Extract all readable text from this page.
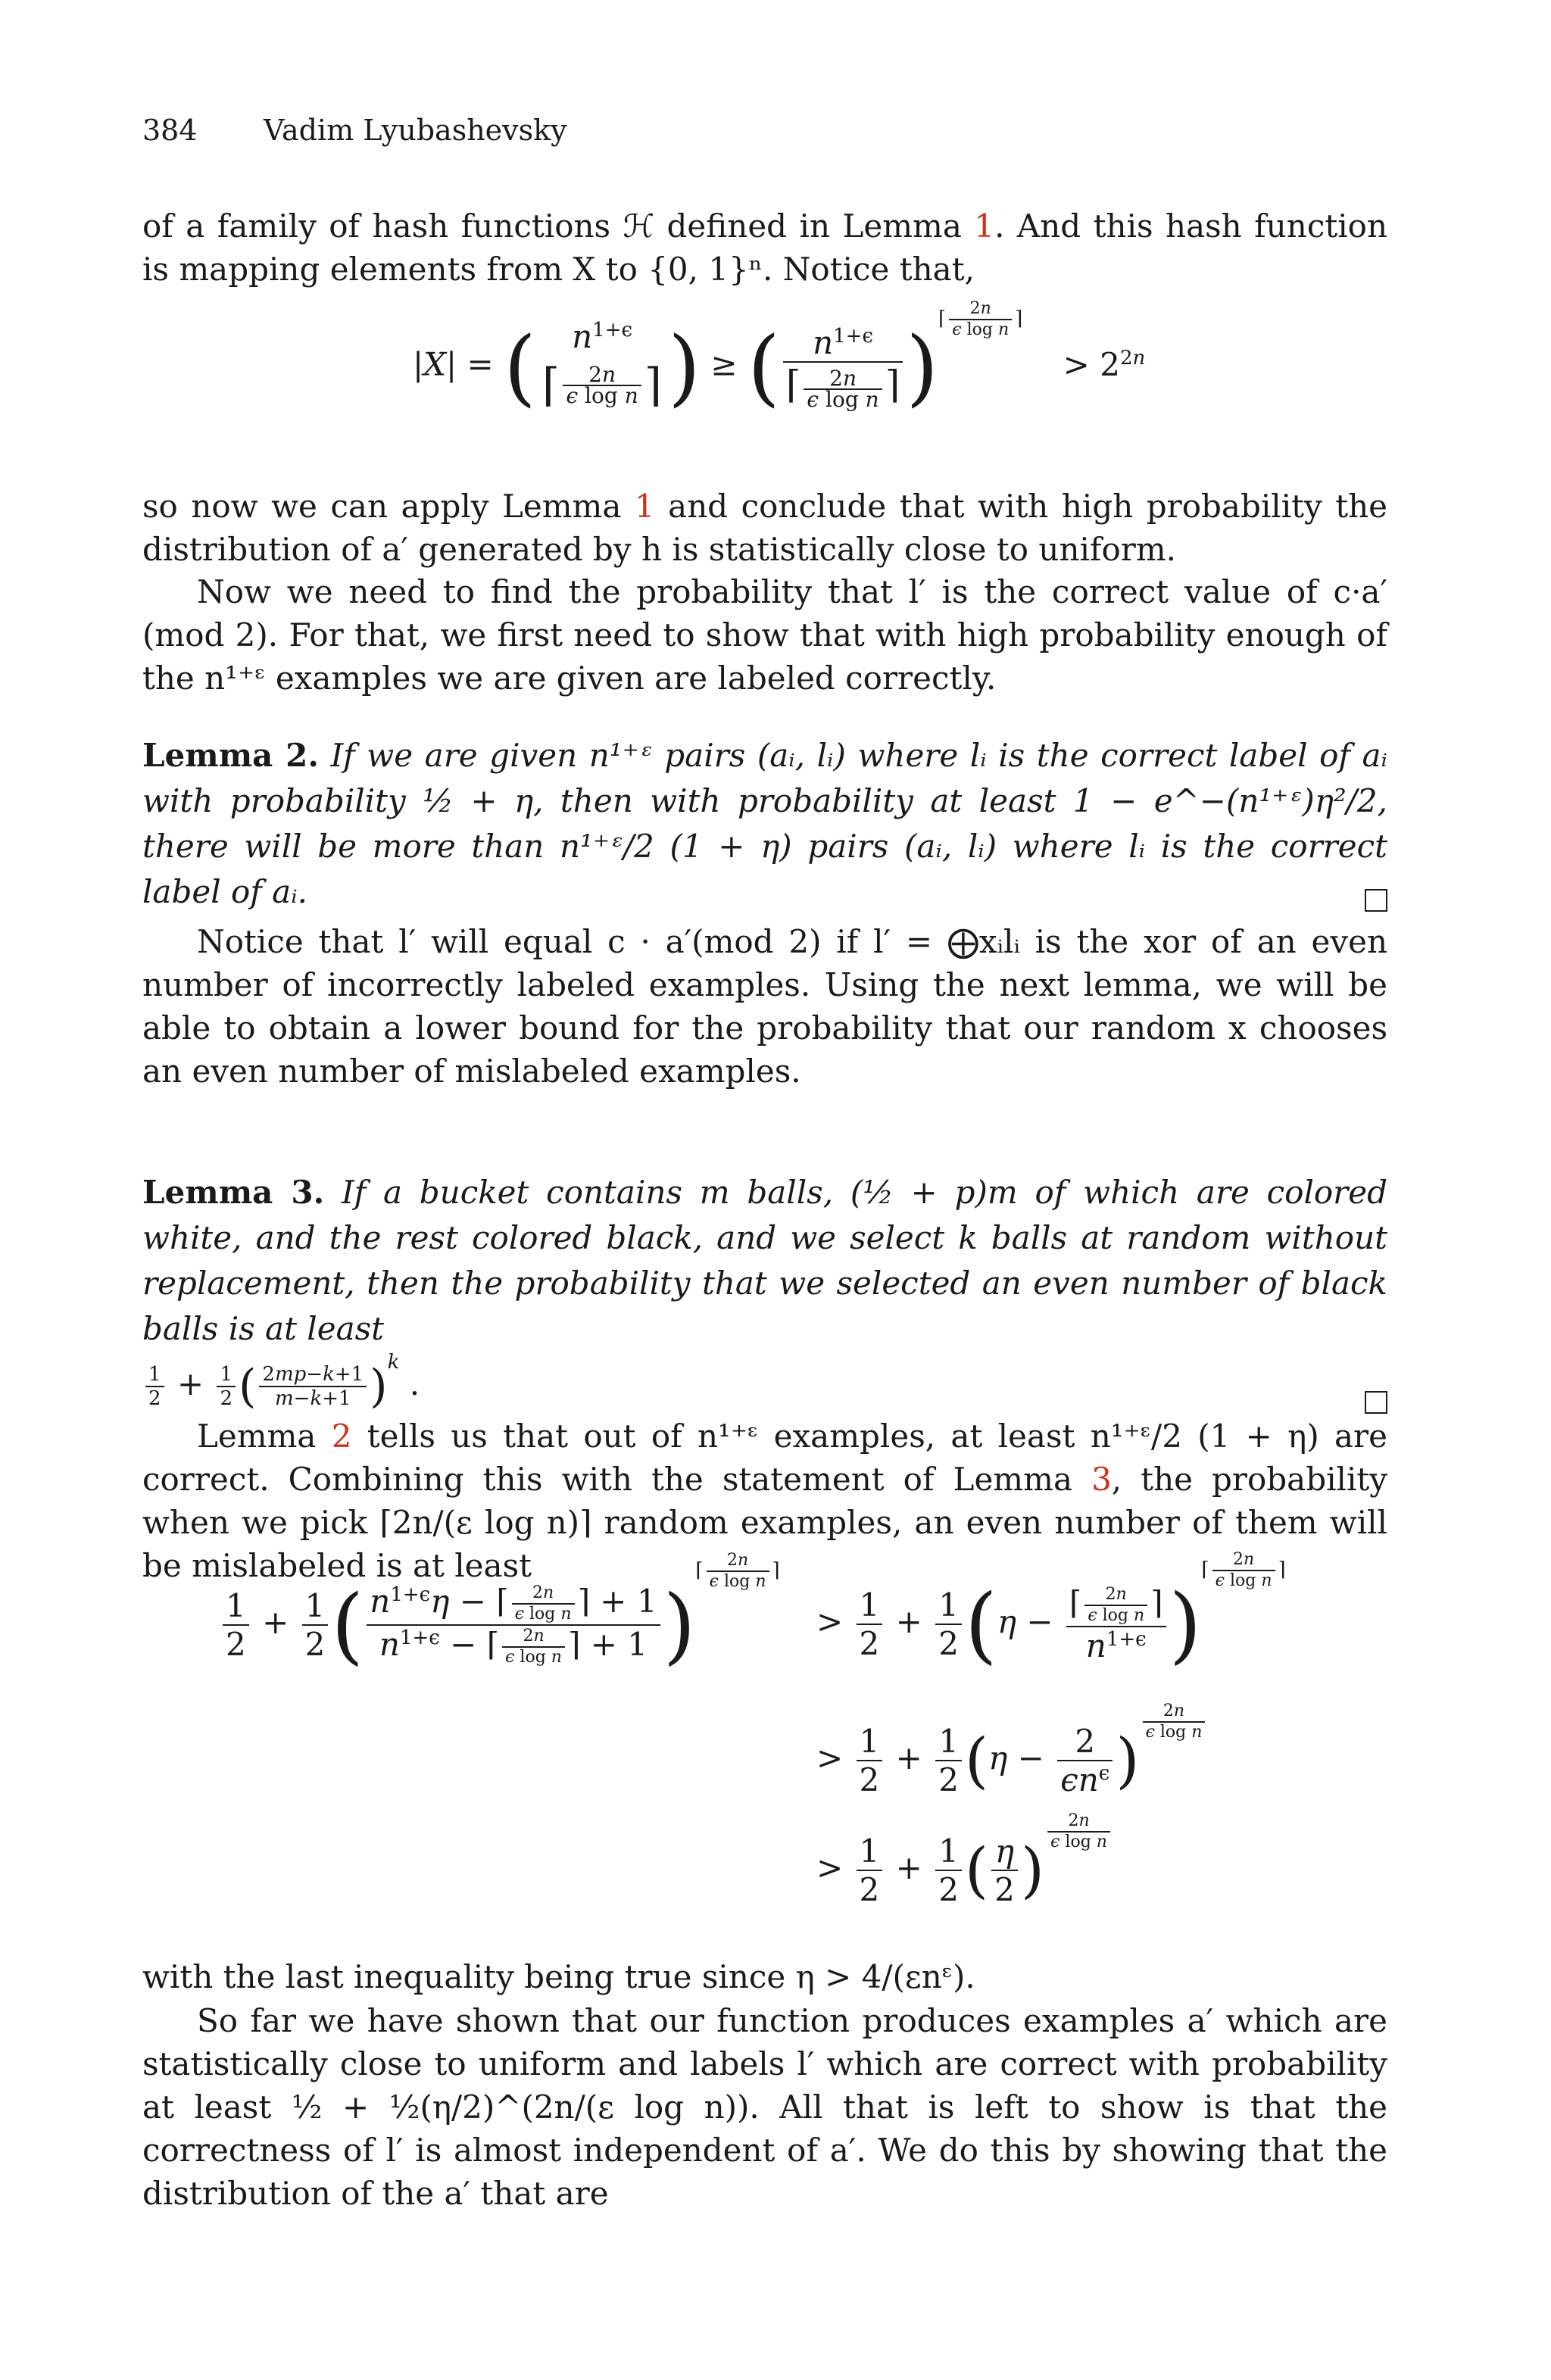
384 Vadim Lyubashevsky
of a family of hash functions ℋ defined in Lemma 1. And this hash function is mapping elements from X to {0, 1}ⁿ. Notice that,
|X| = (	$n^{1+\epsilon}$
⌈ $\frac{2n}{\text{ϵ log n}}$ ⌉ ) ≥ ( $\frac{n^{1+\epsilon}}{⌈ \frac{2n}{\text{ϵ log n}} ⌉} )^{⌈ \frac{2n}{\text{ϵ log n}} ⌉} > 2^{2n}$
so now we can apply Lemma 1 and conclude that with high probability the distribution of a′ generated by h is statistically close to uniform.
Now we need to find the probability that l′ is the correct value of c·a′(mod 2). For that, we first need to show that with high probability enough of the n¹⁺ᵋ examples we are given are labeled correctly.
Lemma 2. If we are given n¹⁺ᵋ pairs (aᵢ, lᵢ) where lᵢ is the correct label of aᵢ with probability ½ + η, then with probability at least 1 − e^−(n¹⁺ᵋ)η²/2, there will be more than n¹⁺ᵋ/2 (1 + η) pairs (aᵢ, lᵢ) where lᵢ is the correct label of aᵢ.
Notice that l′ will equal c · a′(mod 2) if l′ = ⨁xᵢlᵢ is the xor of an even number of incorrectly labeled examples. Using the next lemma, we will be able to obtain a lower bound for the probability that our random x chooses an even number of mislabeled examples.
Lemma 3. If a bucket contains m balls, (½ + p)m of which are colored white, and the rest colored black, and we select k balls at random without replacement, then the probability that we selected an even number of black balls is at least
$\frac{1}{2} + \frac{1}{2}$ ( $\frac{2mp-k+1}{m-k+1} )^k$ .
Lemma 2 tells us that out of n¹⁺ᵋ examples, at least n¹⁺ᵋ/2 (1 + η) are correct. Combining this with the statement of Lemma 3, the probability when we pick ⌈2n/(ε log n)⌉ random examples, an even number of them will be mislabeled is at least
$\frac{1}{2} + \frac{1}{2}$ ( $\frac{n^{1+\epsilon}\eta - ⌈ \frac{2n}{\text{ϵ log n}} ⌉ + 1}{n^{1+\epsilon} - ⌈ \frac{2n}{\text{ϵ log n}} ⌉ + 1} )^{⌈ \frac{2n}{\text{ϵ log n}} ⌉}$
> $\frac{1}{2} + \frac{1}{2} (\eta - \frac{⌈ \frac{2n}{\text{ϵ log n}} ⌉}{n^{1+\epsilon}} )^{⌈ \frac{2n}{\text{ϵ log n}} ⌉}$
> $\frac{1}{2} + \frac{1}{2} (\eta - \frac{2}{\epsilon n^\epsilon}$ )
$^{\frac{2n}{\text{ϵ log n}}}$
> $\frac{1}{2} + \frac{1}{2}$ ( $\frac{\eta}{2}$ )
$^{\frac{2n}{\text{ϵ log n}}}$
with the last inequality being true since η > 4/(εnᵋ).
So far we have shown that our function produces examples a′ which are statistically close to uniform and labels l′ which are correct with probability at least ½ + ½(η/2)^(2n/(ε log n)). All that is left to show is that the correctness of l′ is almost independent of a′. We do this by showing that the distribution of the a′ that are
